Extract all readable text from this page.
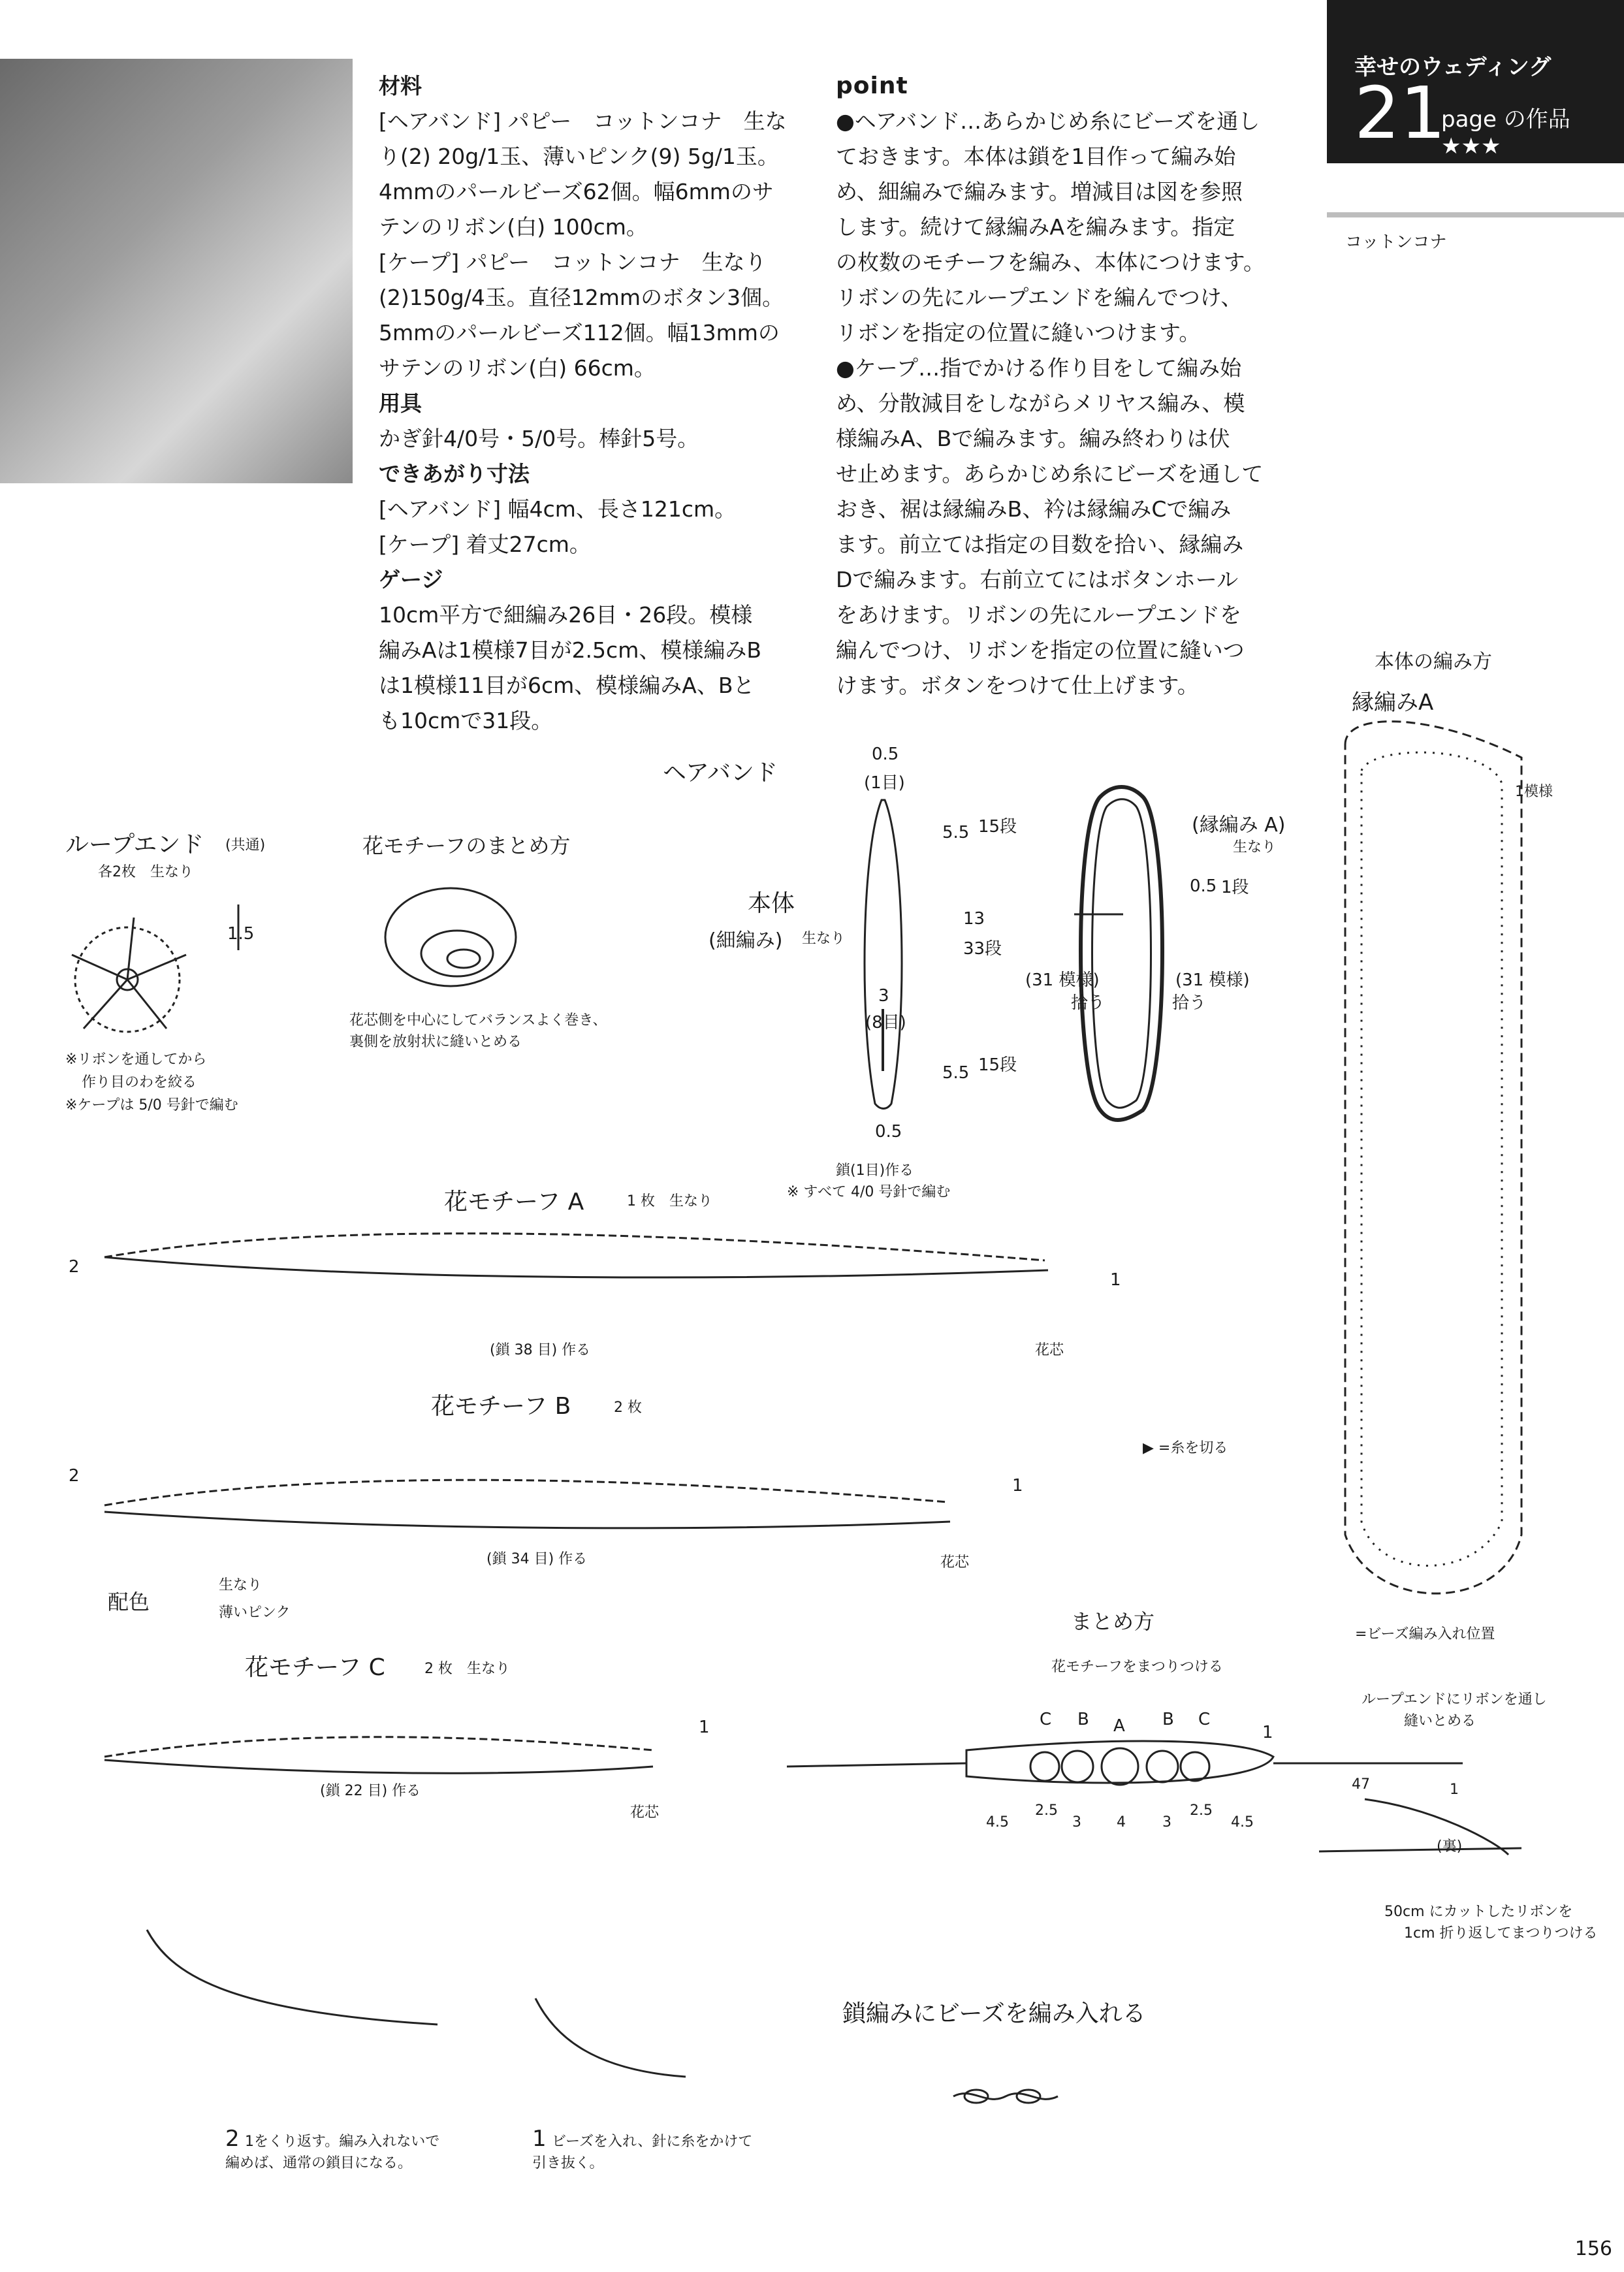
幸せのウェディング
21
page の作品 ★★★
コットンコナ
材料
[ヘアバンド] パピー　コットンコナ　生な
り(2) 20g/1玉、薄いピンク(9) 5g/1玉。
4mmのパールビーズ62個。幅6mmのサ
テンのリボン(白) 100cm。
[ケープ] パピー　コットンコナ　生なり
(2)150g/4玉。直径12mmのボタン3個。
5mmのパールビーズ112個。幅13mmの
サテンのリボン(白) 66cm。
用具
かぎ針4/0号・5/0号。棒針5号。
できあがり寸法
[ヘアバンド] 幅4cm、長さ121cm。
[ケープ] 着丈27cm。
ゲージ
10cm平方で細編み26目・26段。模様
編みAは1模様7目が2.5cm、模様編みB
は1模様11目が6cm、模様編みA、Bと
も10cmで31段。
point
●ヘアバンド…あらかじめ糸にビーズを通し
ておきます。本体は鎖を1目作って編み始
め、細編みで編みます。増減目は図を参照
します。続けて縁編みAを編みます。指定
の枚数のモチーフを編み、本体につけます。
リボンの先にループエンドを編んでつけ、
リボンを指定の位置に縫いつけます。
●ケープ…指でかける作り目をして編み始
め、分散減目をしながらメリヤス編み、模
様編みA、Bで編みます。編み終わりは伏
せ止めます。あらかじめ糸にビーズを通して
おき、裾は縁編みB、衿は縁編みCで編み
ます。前立ては指定の目数を拾い、縁編み
Dで編みます。右前立てにはボタンホール
をあけます。リボンの先にループエンドを
編んでつけ、リボンを指定の位置に縫いつ
けます。ボタンをつけて仕上げます。
ヘアバンド
本体
(細編み) 生なり
0.5
(1目)
5.5 15段
13
33段
3
(8目)
5.5 15段
0.5
鎖(1目)作る
※ すべて 4/0 号針で編む
(縁編み A)
生なり
0.5 1段
(31 模様)
拾う
(31 模様)
拾う
ループエンド (共通)
各2枚　生なり
1.5
※リボンを通してから
作り目のわを絞る
※ケープは 5/0 号針で編む
花モチーフのまとめ方
花芯側を中心にしてバランスよく巻き、
裏側を放射状に縫いとめる
花モチーフ A	1 枚　生なり
2
1
(鎖 38 目) 作る	花芯
花モチーフ B	2 枚
2	1
(鎖 34 目) 作る	花芯
▶ =糸を切る
配色
生なり
薄いピンク
花モチーフ C	2 枚　生なり
1
(鎖 22 目) 作る
花芯
まとめ方
花モチーフをまつりつける
C B A B C
1
4.5
2.5
3 4	3
2.5
4.5
47	1
ループエンドにリボンを通し
縫いとめる
(裏)
50cm にカットしたリボンを
1cm 折り返してまつりつける
本体の編み方
縁編みA
1模様
=ビーズ編み入れ位置
鎖編みにビーズを編み入れる
2 1をくり返す。編み入れないで
編めば、通常の鎖目になる。
1 ビーズを入れ、針に糸をかけて
引き抜く。
156
